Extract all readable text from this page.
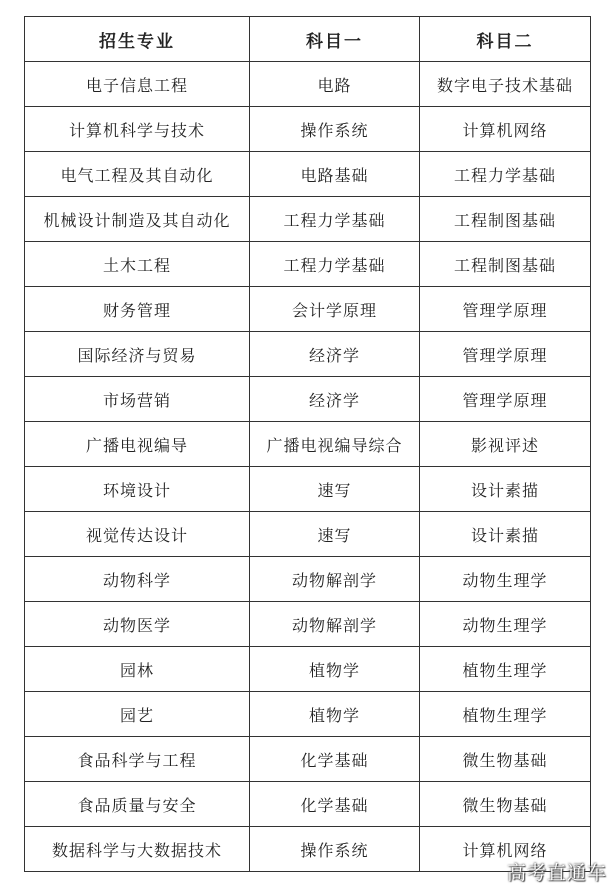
招生专业	科目一	科目二
电子信息工程	电路	数字电子技术基础
计算机科学与技术	操作系统	计算机网络
电气工程及其自动化	电路基础	工程力学基础
机械设计制造及其自动化	工程力学基础	工程制图基础
土木工程	工程力学基础	工程制图基础
财务管理	会计学原理	管理学原理
国际经济与贸易	经济学	管理学原理
市场营销	经济学	管理学原理
广播电视编导	广播电视编导综合	影视评述
环境设计	速写	设计素描
视觉传达设计	速写	设计素描
动物科学	动物解剖学	动物生理学
动物医学	动物解剖学	动物生理学
园林	植物学	植物生理学
园艺	植物学	植物生理学
食品科学与工程	化学基础	微生物基础
食品质量与安全	化学基础	微生物基础
数据科学与大数据技术	操作系统	计算机网络
高考直通车
